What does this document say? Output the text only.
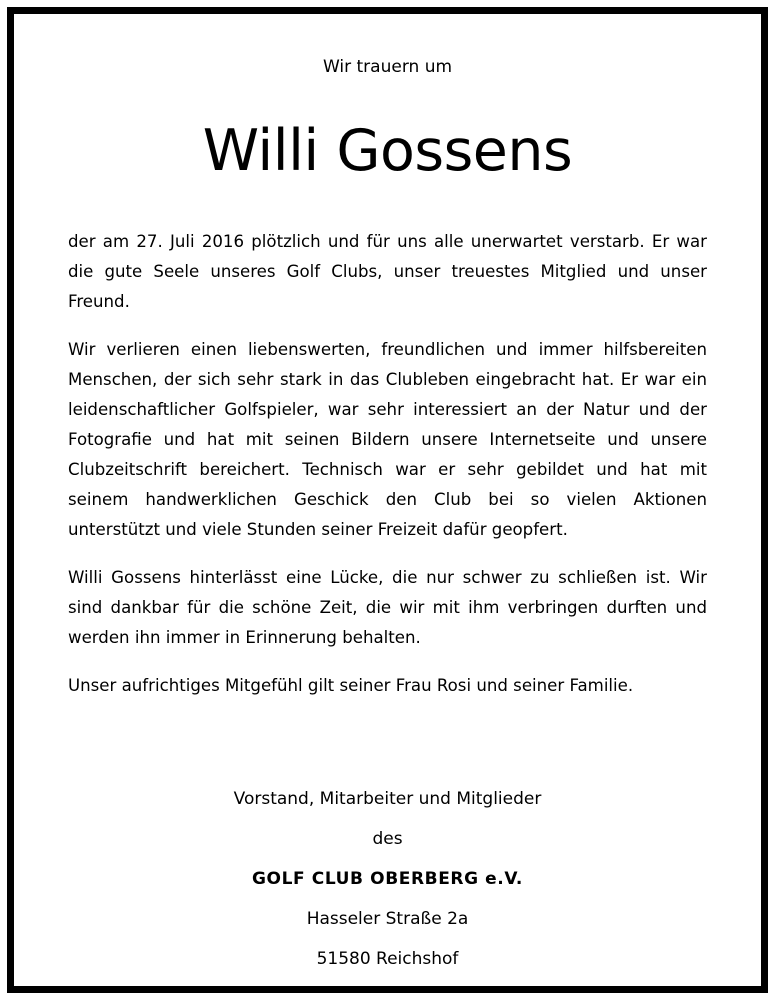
Wir trauern um
Willi Gossens

der am 27. Juli 2016 plötzlich und für uns alle unerwartet verstarb. Er war die gute Seele unseres Golf Clubs, unser treuestes Mitglied und unser Freund.

Wir verlieren einen liebenswerten, freundlichen und immer hilfsbereiten Menschen, der sich sehr stark in das Clubleben eingebracht hat. Er war ein leidenschaftlicher Golfspieler, war sehr interessiert an der Natur und der Fotografie und hat mit seinen Bildern unsere Internetseite und unsere Clubzeitschrift bereichert. Technisch war er sehr gebildet und hat mit seinem handwerklichen Geschick den Club bei so vielen Aktionen unterstützt und viele Stunden seiner Freizeit dafür geopfert.

Willi Gossens hinterlässt eine Lücke, die nur schwer zu schließen ist. Wir sind dankbar für die schöne Zeit, die wir mit ihm verbringen durften und werden ihn immer in Erinnerung behalten.

Unser aufrichtiges Mitgefühl gilt seiner Frau Rosi und seiner Familie.

Vorstand, Mitarbeiter und Mitglieder
des
GOLF CLUB OBERBERG e.V.
Hasseler Straße 2a
51580 Reichshof
